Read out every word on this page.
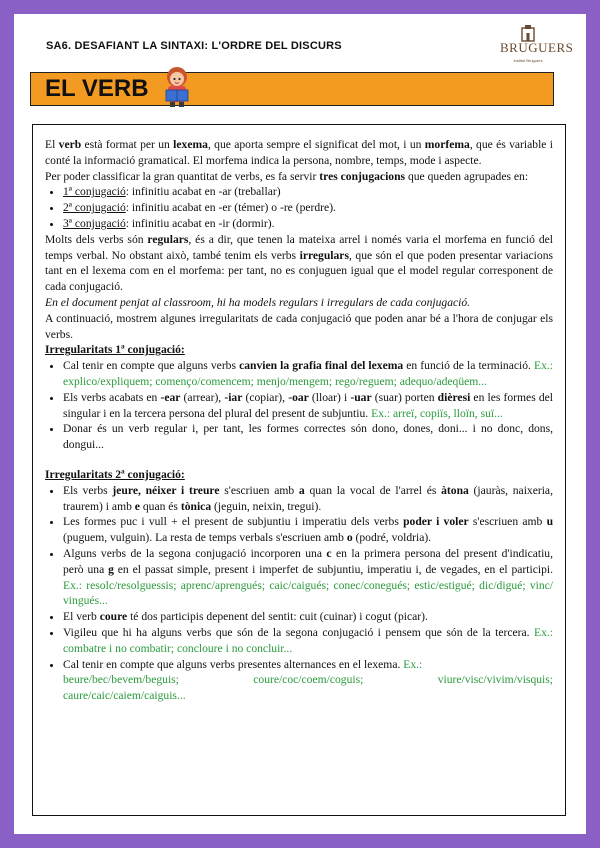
SA6. DESAFIANT LA SINTAXI: L'ORDRE DEL DISCURS	BRUGUERS
Institut Bruguers
EL VERB

El verb està format per un lexema, que aporta sempre el significat del mot, i un morfema, que és variable i conté la informació gramatical. El morfema indica la persona, nombre, temps, mode i aspecte.

Per poder classificar la gran quantitat de verbs, es fa servir tres conjugacions que queden agrupades en:

• 1ª conjugació: infinitiu acabat en -ar (treballar)
• 2ª conjugació: infinitiu acabat en -er (témer) o -re (perdre).
• 3ª conjugació: infinitiu acabat en -ir (dormir).

Molts dels verbs són regulars, és a dir, que tenen la mateixa arrel i només varia el morfema en funció del temps verbal. No obstant això, també tenim els verbs irregulars, que són el que poden presentar variacions tant en el lexema com en el morfema: per tant, no es conjuguen igual que el model regular corresponent de cada conjugació.

En el document penjat al classroom, hi ha models regulars i irregulars de cada conjugació.

A continuació, mostrem algunes irregularitats de cada conjugació que poden anar bé a l'hora de conjugar els verbs.

Irregularitats 1ª conjugació:

• Cal tenir en compte que alguns verbs canvien la grafia final del lexema en funció de la terminació. Ex.: explico/expliquem; començo/comencem; menjo/mengem; rego/reguem; adequo/adeqüem...
• Els verbs acabats en -ear (arrear), -iar (copiar), -oar (lloar) i -uar (suar) porten dièresi en les formes del singular i en la tercera persona del plural del present de subjuntiu. Ex.: arreï, copiïs, lloïn, suï...
• Donar és un verb regular i, per tant, les formes correctes són dono, dones, doni... i no donc, dons, dongui...

Irregularitats 2ª conjugació:

• Els verbs jeure, néixer i treure s'escriuen amb a quan la vocal de l'arrel és àtona (jauràs, naixeria, traurem) i amb e quan és tònica (jeguin, neixin, tregui).
• Les formes puc i vull + el present de subjuntiu i imperatiu dels verbs poder i voler s'escriuen amb u (puguem, vulguin). La resta de temps verbals s'escriuen amb o (podré, voldria).
• Alguns verbs de la segona conjugació incorporen una c en la primera persona del present d'indicatiu, però una g en el passat simple, present i imperfet de subjuntiu, imperatiu i, de vegades, en el participi. Ex.: resolc/resolguessis; aprenc/aprengués; caic/caigués; conec/conegués; estic/estigué; dic/digué; vinc/ vingués...
• El verb coure té dos participis depenent del sentit: cuit (cuinar) i cogut (picar).
• Vigileu que hi ha alguns verbs que són de la segona conjugació i pensem que són de la tercera. Ex.: combatre i no combatir; concloure i no concluir...
• Cal tenir en compte que alguns verbs presentes alternances en el lexema. Ex.:
beure/bec/bevem/beguis;	coure/coc/coem/coguis;	viure/visc/vivim/visquis;
caure/caic/caiem/caiguis...
